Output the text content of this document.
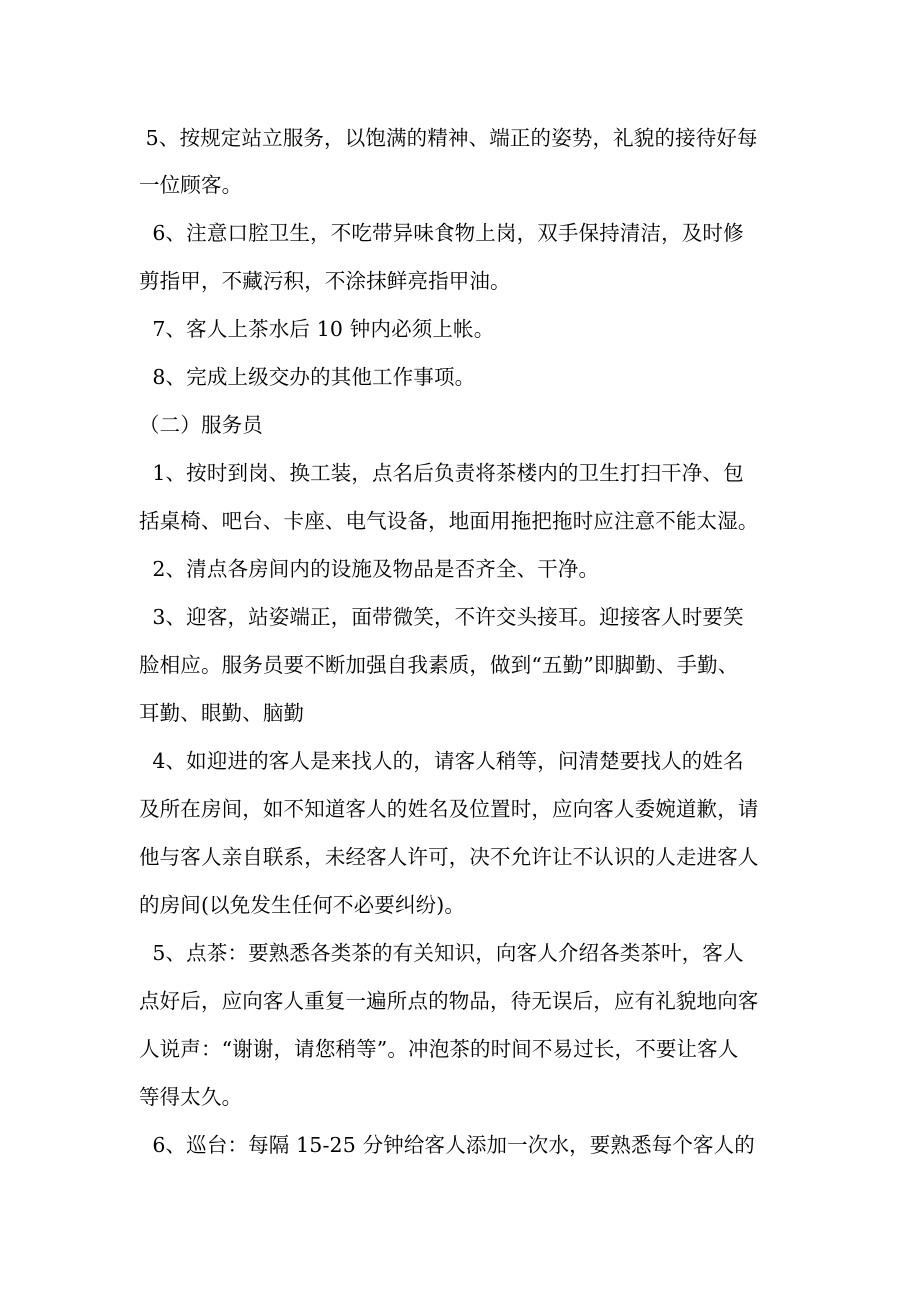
5、按规定站立服务，以饱满的精神、端正的姿势，礼貌的接待好每
一位顾客。
6、注意口腔卫生，不吃带异味食物上岗，双手保持清洁，及时修
剪指甲，不藏污积，不涂抹鲜亮指甲油。
7、客人上茶水后 10 钟内必须上帐。
8、完成上级交办的其他工作事项。
（二）服务员
1、按时到岗、换工装，点名后负责将茶楼内的卫生打扫干净、包
括桌椅、吧台、卡座、电气设备，地面用拖把拖时应注意不能太湿。
2、清点各房间内的设施及物品是否齐全、干净。
3、迎客，站姿端正，面带微笑，不许交头接耳。迎接客人时要笑
脸相应。服务员要不断加强自我素质，做到“五勤”即脚勤、手勤、
耳勤、眼勤、脑勤
4、如迎进的客人是来找人的，请客人稍等，问清楚要找人的姓名
及所在房间，如不知道客人的姓名及位置时，应向客人委婉道歉，请
他与客人亲自联系，未经客人许可，决不允许让不认识的人走进客人
的房间(以免发生任何不必要纠纷)。
5、点茶：要熟悉各类茶的有关知识，向客人介绍各类茶叶，客人
点好后，应向客人重复一遍所点的物品，待无误后，应有礼貌地向客
人说声：“谢谢，请您稍等”。冲泡茶的时间不易过长，不要让客人
等得太久。
6、巡台：每隔 15-25 分钟给客人添加一次水，要熟悉每个客人的
